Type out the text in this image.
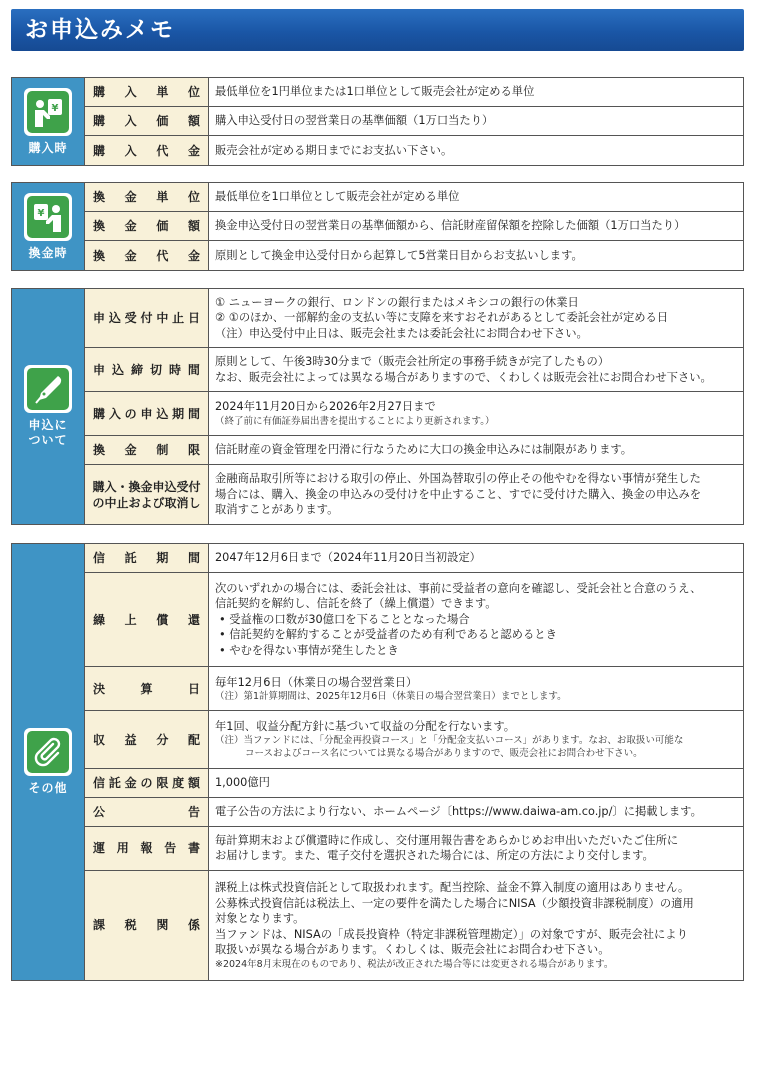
お申込みメモ
¥
購入時
購 入 単 位 最低単位を1円単位または1口単位として販売会社が定める単位
購 入 価 額 購入申込受付日の翌営業日の基準価額（1万口当たり）
購 入 代 金 販売会社が定める期日までにお支払い下さい。
¥
換金時
換 金 単 位 最低単位を1口単位として販売会社が定める単位
換 金 価 額 換金申込受付日の翌営業日の基準価額から、信託財産留保額を控除した価額（1万口当たり）
換 金 代 金 原則として換金申込受付日から起算して5営業日目からお支払いします。
申込に
ついて
申 込 受 付 中 止 日
① ニューヨークの銀行、ロンドンの銀行またはメキシコの銀行の休業日
② ①のほか、一部解約金の支払い等に支障を来すおそれがあるとして委託会社が定める日
（注）申込受付中止日は、販売会社または委託会社にお問合わせ下さい。
申 込 締 切 時 間
原則として、午後3時30分まで（販売会社所定の事務手続きが完了したもの）
なお、販売会社によっては異なる場合がありますので、くわしくは販売会社にお問合わせ下さい。
購 入 の 申 込 期 間 2024年11月20日から2026年2月27日まで
（終了前に有価証券届出書を提出することにより更新されます。）
換 金 制 限 信託財産の資金管理を円滑に行なうために大口の換金申込みには制限があります。
購入・換金申込受付の中止および取消し
金融商品取引所等における取引の停止、外国為替取引の停止その他やむを得ない事情が発生した
場合には、購入、換金の申込みの受付けを中止すること、すでに受付けた購入、換金の申込みを
取消すことがあります。
その他
信 託 期 間 2047年12月6日まで（2024年11月20日当初設定）
繰 上 償 還
次のいずれかの場合には、委託会社は、事前に受益者の意向を確認し、受託会社と合意のうえ、
信託契約を解約し、信託を終了（繰上償還）できます。
• 受益権の口数が30億口を下ることとなった場合
• 信託契約を解約することが受益者のため有利であると認めるとき
• やむを得ない事情が発生したとき
決	算	日 毎年12月6日（休業日の場合翌営業日）
（注）第1計算期間は、2025年12月6日（休業日の場合翌営業日）までとします。
収 益 分 配
年1回、収益分配方針に基づいて収益の分配を行ないます。
（注）当ファンドには、「分配金再投資コース」と「分配金支払いコース」があります。なお、お取扱い可能な
コースおよびコース名については異なる場合がありますので、販売会社にお問合わせ下さい。
信 託 金 の 限 度 額 1,000億円
公	告 電子公告の方法により行ない、ホームページ〔https://www.daiwa-am.co.jp/〕に掲載します。
運 用 報 告 書
毎計算期末および償還時に作成し、交付運用報告書をあらかじめお申出いただいたご住所に
お届けします。また、電子交付を選択された場合には、所定の方法により交付します。
課 税 関 係
課税上は株式投資信託として取扱われます。配当控除、益金不算入制度の適用はありません。
公募株式投資信託は税法上、一定の要件を満たした場合にNISA（少額投資非課税制度）の適用
対象となります。
当ファンドは、NISAの「成長投資枠（特定非課税管理勘定）」の対象ですが、販売会社により
取扱いが異なる場合があります。くわしくは、販売会社にお問合わせ下さい。
※2024年8月末現在のものであり、税法が改正された場合等には変更される場合があります。
